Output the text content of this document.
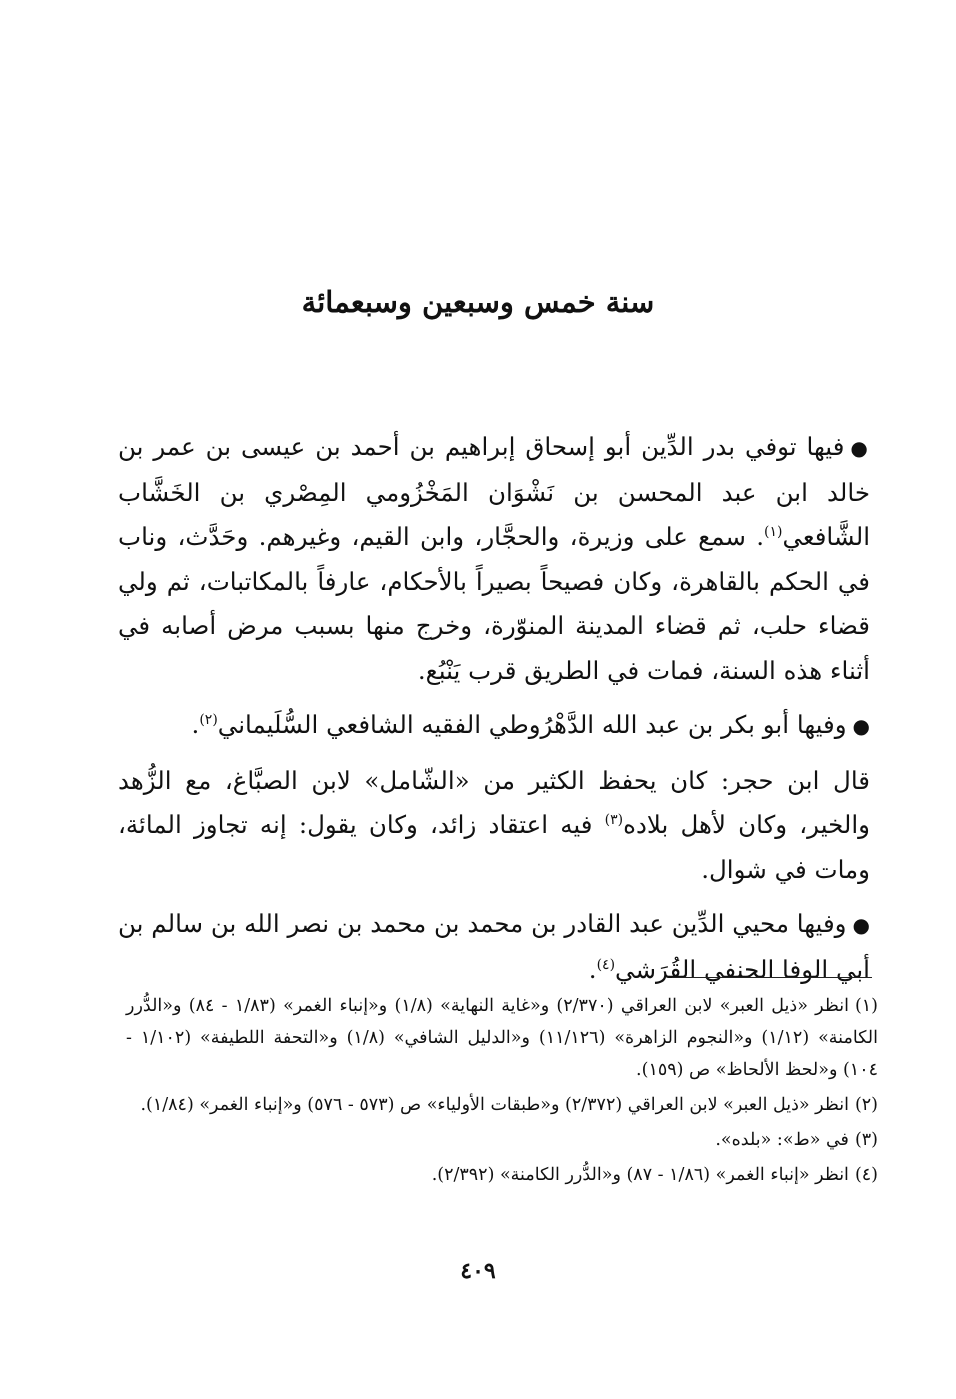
سنة خمس وسبعين وسبعمائة

●فيها توفي بدر الدِّين أبو إسحاق إبراهيم بن أحمد بن عيسى بن عمر بن خالد ابن عبد المحسن بن نَشْوَان المَخْزُومي المِصْري بن الخَشَّاب الشَّافعي$^{(١)}$. سمع على وزيرة، والحجَّار، وابن القيم، وغيرهم. وحَدَّث، وناب في الحكم بالقاهرة، وكان فصيحاً بصيراً بالأحكام، عارفاً بالمكاتبات، ثم ولي قضاء حلب، ثم قضاء المدينة المنوّرة، وخرج منها بسبب مرض أصابه في أثناء هذه السنة، فمات في الطريق قرب يَنْبُع.

●وفيها أبو بكر بن عبد الله الدَّهْرُوطي الفقيه الشافعي السُّلَيماني$^{(٢)}$.

قال ابن حجر: كان يحفظ الكثير من «الشّامل» لابن الصبَّاغ، مع الزُّهد والخير، وكان لأهل بلاده$^{(٣)}$ فيه اعتقاد زائد، وكان يقول: إنه تجاوز المائة، ومات في شوال.

●وفيها محيي الدِّين عبد القادر بن محمد بن محمد بن نصر الله بن سالم بن أبي الوفا الحنفي القُرَشي$^{(٤)}$.

(١)انظر «ذيل العبر» لابن العراقي (٢/٣٧٠) و«غاية النهاية» (١/٨) و«إنباء الغمر» (١/٨٣ - ٨٤) و«الدُّرر الكامنة» (١/١٢) و«النجوم الزاهرة» (١١/١٢٦) و«الدليل الشافي» (١/٨) و«التحفة اللطيفة» (١/١٠٢ - ١٠٤) و«لحظ الألحاظ» ص (١٥٩).

(٢)انظر «ذيل العبر» لابن العراقي (٢/٣٧٢) و«طبقات الأولياء» ص (٥٧٣ - ٥٧٦) و«إنباء الغمر» (١/٨٤).

(٣)في «ط»: «بلده».

(٤)انظر «إنباء الغمر» (١/٨٦ - ٨٧) و«الدُّرر الكامنة» (٢/٣٩٢).

٤٠٩
